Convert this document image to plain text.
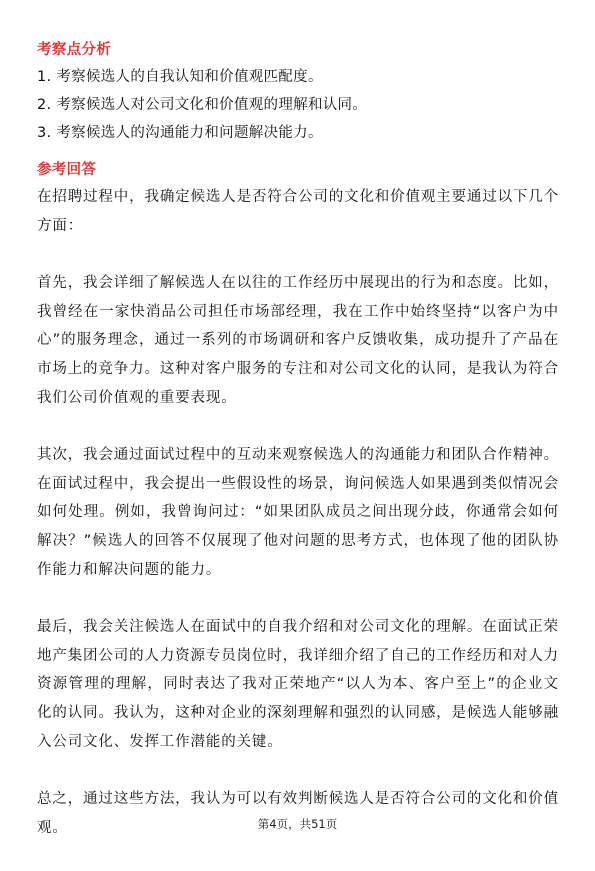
考察点分析
1. 考察候选人的自我认知和价值观匹配度。
2. 考察候选人对公司文化和价值观的理解和认同。
3. 考察候选人的沟通能力和问题解决能力。
参考回答

在招聘过程中，我确定候选人是否符合公司的文化和价值观主要通过以下几个方面：

首先，我会详细了解候选人在以往的工作经历中展现出的行为和态度。比如，我曾经在一家快消品公司担任市场部经理，我在工作中始终坚持“以客户为中心”的服务理念，通过一系列的市场调研和客户反馈收集，成功提升了产品在市场上的竞争力。这种对客户服务的专注和对公司文化的认同，是我认为符合我们公司价值观的重要表现。

其次，我会通过面试过程中的互动来观察候选人的沟通能力和团队合作精神。在面试过程中，我会提出一些假设性的场景，询问候选人如果遇到类似情况会如何处理。例如，我曾询问过：“如果团队成员之间出现分歧，你通常会如何解决？”候选人的回答不仅展现了他对问题的思考方式，也体现了他的团队协作能力和解决问题的能力。

最后，我会关注候选人在面试中的自我介绍和对公司文化的理解。在面试正荣地产集团公司的人力资源专员岗位时，我详细介绍了自己的工作经历和对人力资源管理的理解，同时表达了我对正荣地产“以人为本、客户至上”的企业文化的认同。我认为，这种对企业的深刻理解和强烈的认同感，是候选人能够融入公司文化、发挥工作潜能的关键。

总之，通过这些方法，我认为可以有效判断候选人是否符合公司的文化和价值观。	第4页，共51页
